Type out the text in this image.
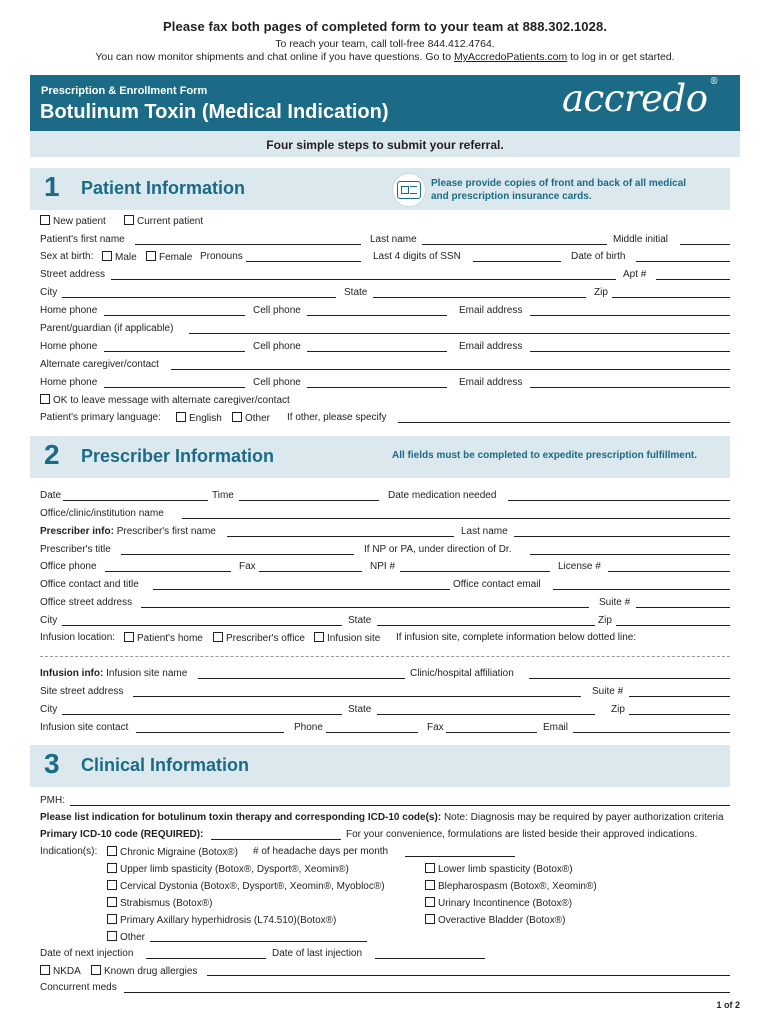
Please fax both pages of completed form to your team at 888.302.1028.
To reach your team, call toll-free 844.412.4764.
You can now monitor shipments and chat online if you have questions. Go to MyAccredoPatients.com to log in or get started.
Prescription & Enrollment Form
Botulinum Toxin (Medical Indication)	accredo ®
Four simple steps to submit your referral.
1 Patient Information	Please provide copies of front and back of all medical
and prescription insurance cards.
New patient	Current patient
Patient's first name	Last name	Middle initial
Sex at birth:	Male	Female Pronouns	Last 4 digits of SSN	Date of birth
Street address	Apt #
City	State	Zip
Home phone	Cell phone	Email address
Parent/guardian (if applicable)
Home phone	Cell phone	Email address
Alternate caregiver/contact
Home phone	Cell phone	Email address
OK to leave message with alternate caregiver/contact
Patient's primary language:	English	Other If other, please specify
2 Prescriber Information	All fields must be completed to expedite prescription fulfillment.
Date	Time	Date medication needed
Office/clinic/institution name
Prescriber info: Prescriber's first name	Last name
Prescriber's title	If NP or PA, under direction of Dr.
Office phone	Fax	NPI #	License #
Office contact and title	Office contact email
Office street address	Suite #
City	State	Zip
Infusion location:	Patient's home	Prescriber's office	Infusion site If infusion site, complete information below dotted line:
Infusion info: Infusion site name	Clinic/hospital affiliation
Site street address	Suite #
City	State	Zip
Infusion site contact	Phone	Fax	Email
3 Clinical Information
PMH:
Please list indication for botulinum toxin therapy and corresponding ICD-10 code(s): Note: Diagnosis may be required by payer authorization criteria
Primary ICD-10 code (REQUIRED):	For your convenience, formulations are listed beside their approved indications.
Indication(s):	Chronic Migraine (Botox®) # of headache days per month
Upper limb spasticity (Botox®, Dysport®, Xeomin®)	Lower limb spasticity (Botox®)
Cervical Dystonia (Botox®, Dysport®, Xeomin®, Myobloc®)	Blepharospasm (Botox®, Xeomin®)
Strabismus (Botox®)	Urinary Incontinence (Botox®)
Primary Axillary hyperhidrosis (L74.510)(Botox®)	Overactive Bladder (Botox®)
Other
Date of next injection	Date of last injection
NKDA	Known drug allergies
Concurrent meds
1 of 2
